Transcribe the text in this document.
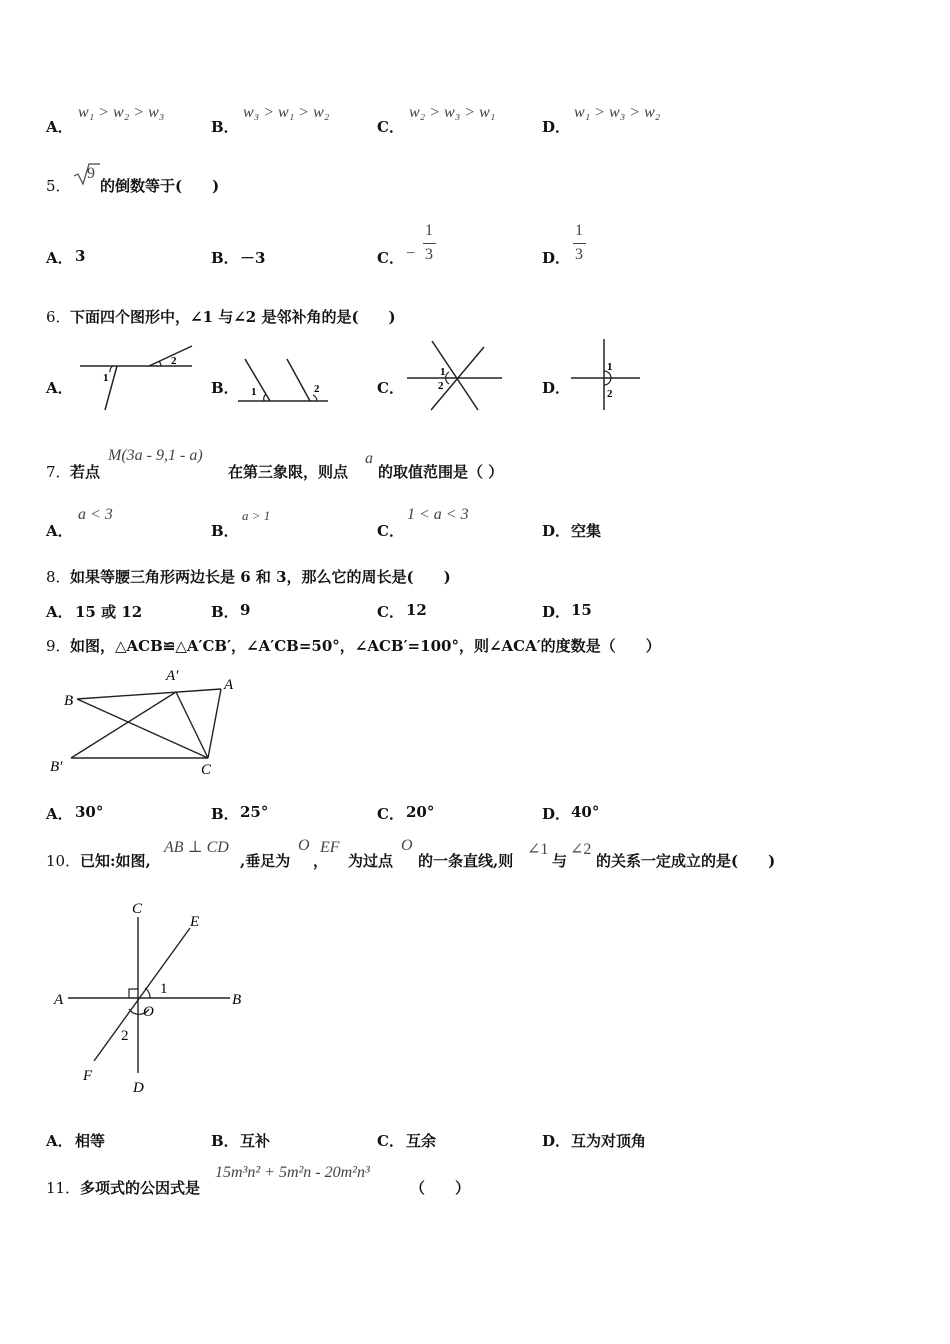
A．
w₁ > w₂ > w₃
B．
w₃ > w₁ > w₂
C．
w₂ > w₃ > w₁
D．
w₁ > w₃ > w₂
5．
9
的倒数等于(　　)
A． 3	B． －3	C． −
1
3	D．
1
3
6． 下面四个图形中，∠1 与∠2 是邻补角的是(　　)
A．
1
2
B． 1	2	C．
1
2	D．
1
2
7． 若点
M(3a - 9,1 - a)
在第三象限，则点
a
的取值范围是（ ）
A．
a < 3
B．
a > 1
C．
1 < a < 3
D． 空集
8． 如果等腰三角形两边长是 6 和 3，那么它的周长是(　　)
A． 15 或 12	B． 9	C． 12	D． 15
9． 如图，△ACB≌△A′CB′，∠A′CB=50°，∠ACB′=100°，则∠ACA′的度数是（　　）
B
A′
A
B′	C
A． 30°	B． 25°	C． 20°	D． 40°
10． 已知:如图,
AB ⊥ CD
,垂足为
O
，
EF
为过点
O
的一条直线,则
∠1
与
∠2
的关系一定成立的是(　　)
C
E
A
1
B
O
2
F
D
A． 相等	B． 互补	C． 互余	D． 互为对顶角
11． 多项式的公因式是
15m³n² + 5m²n - 20m²n³
（　　）
